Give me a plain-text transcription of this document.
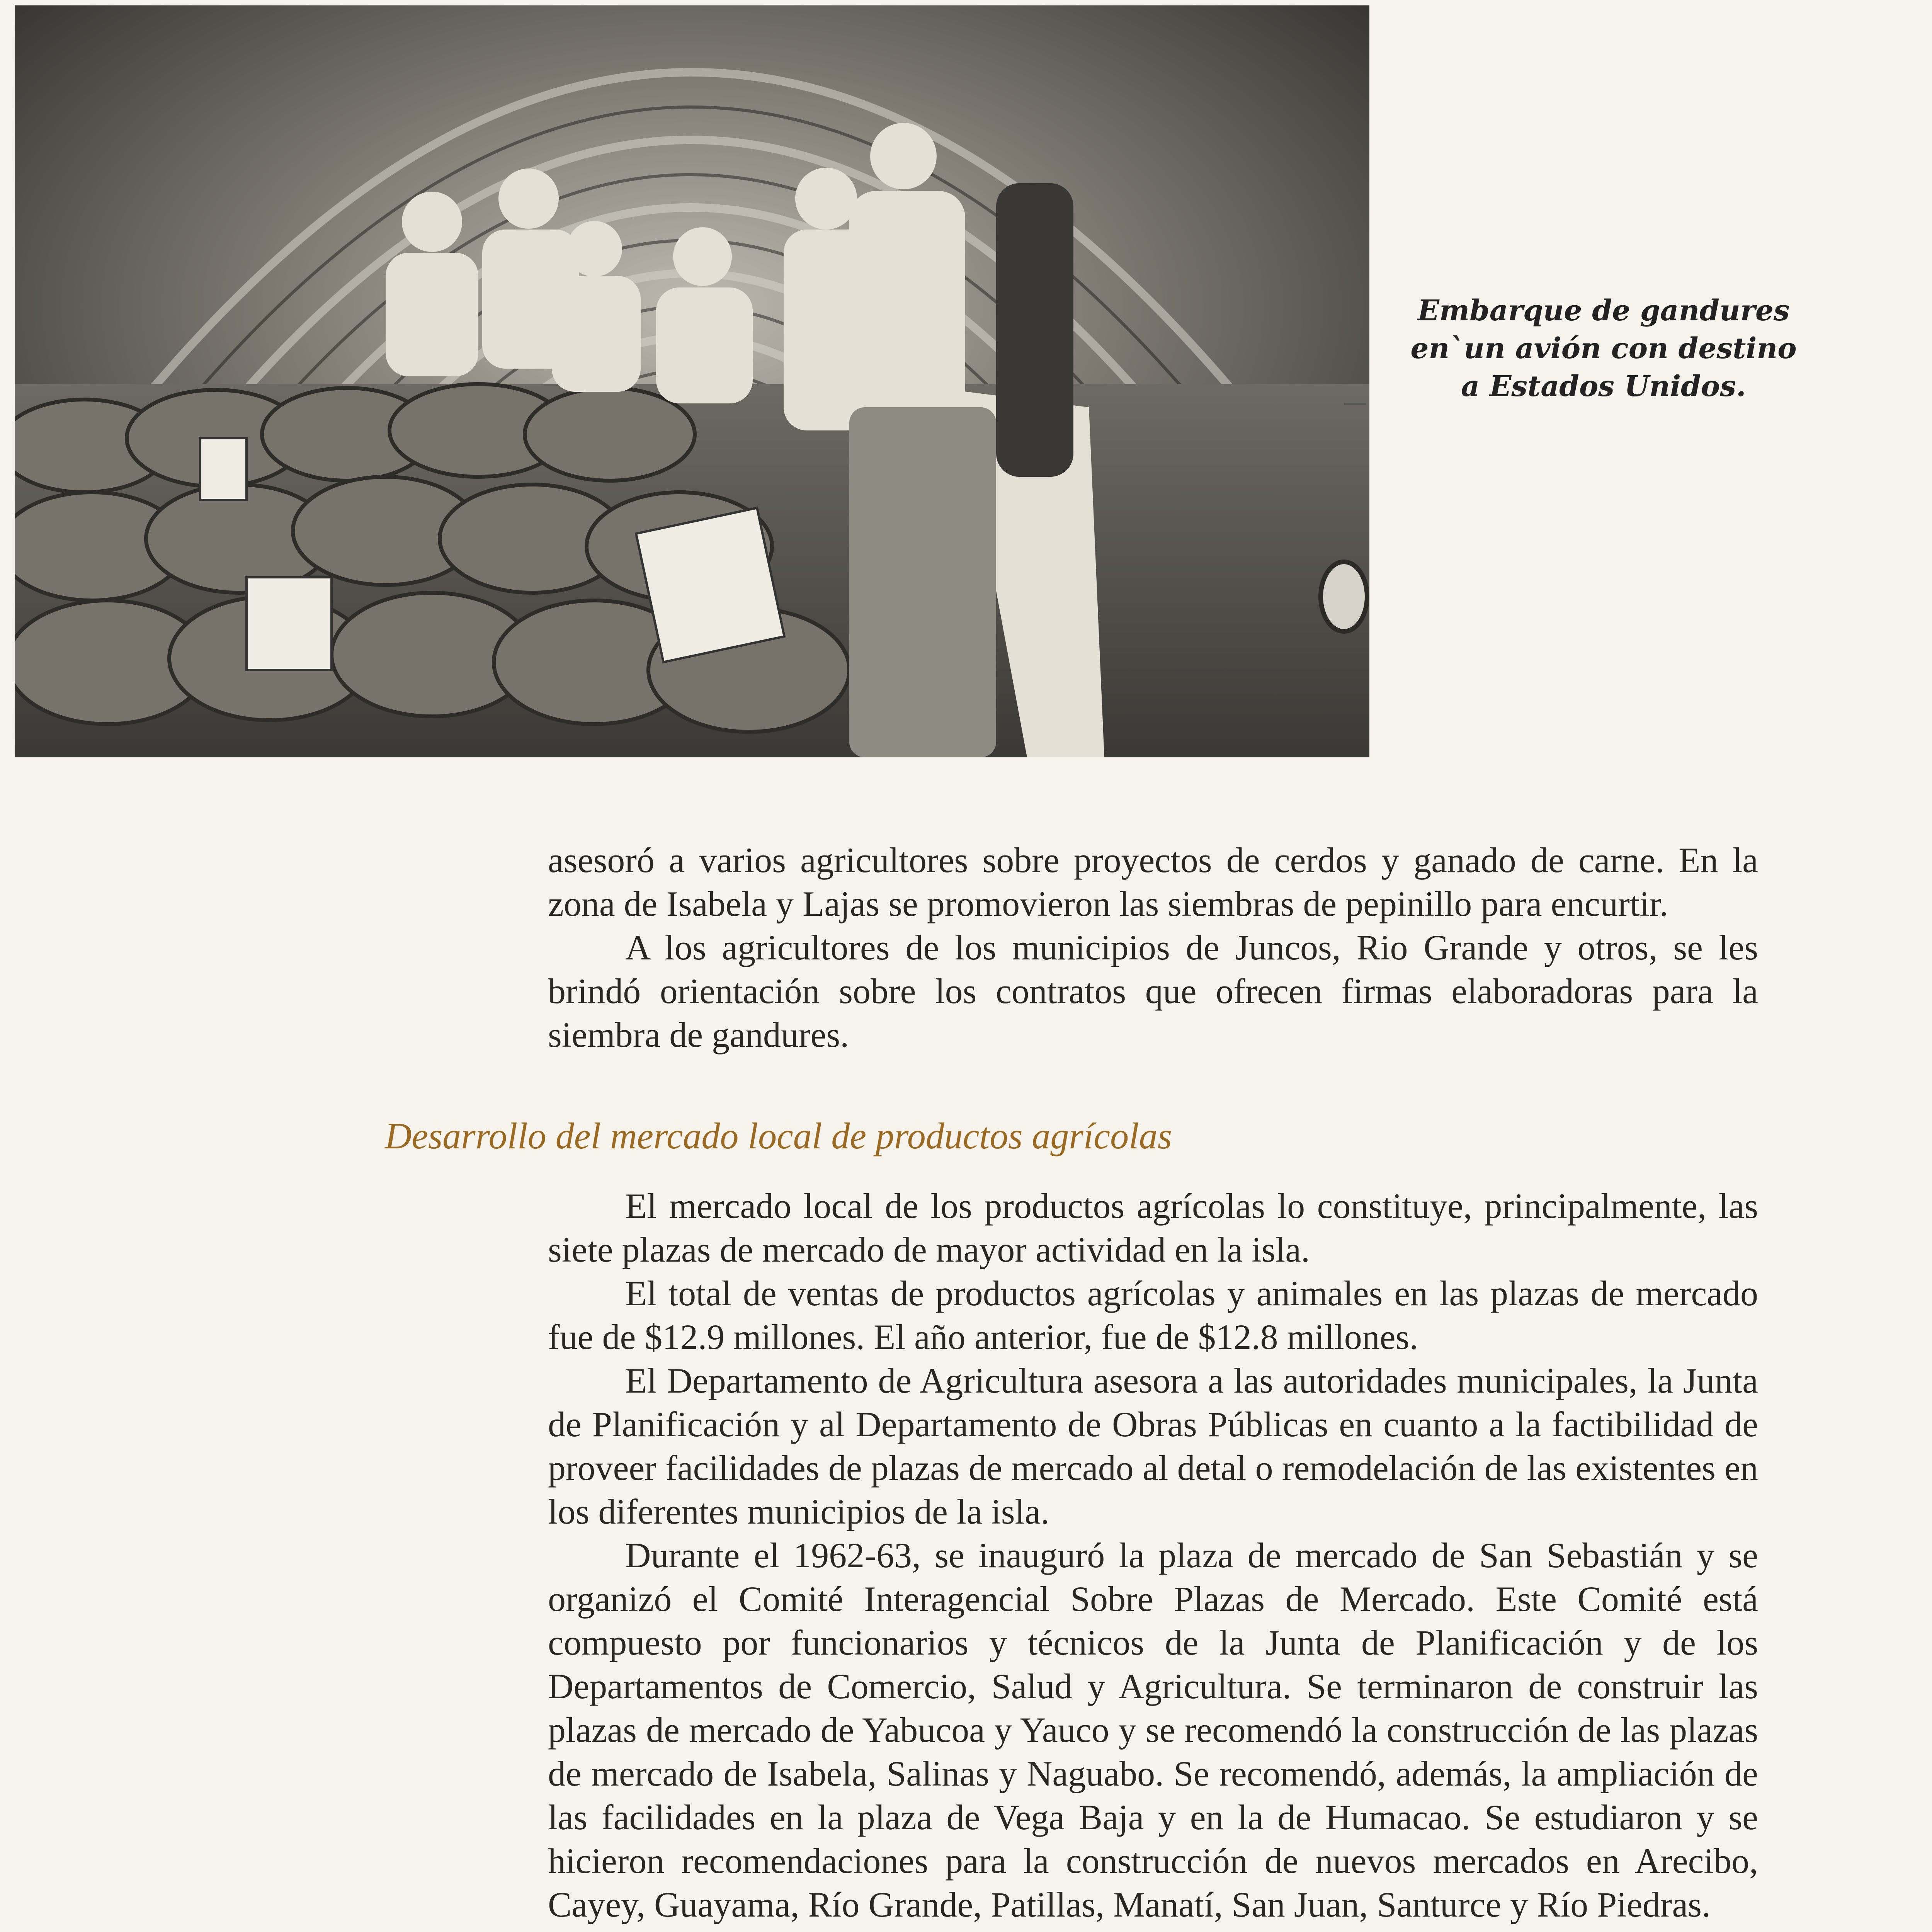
Embarque de gandures
en`un avión con destino
a Estados Unidos.

asesoró a varios agricultores sobre proyectos de cerdos y ganado de carne. En la zona de Isabela y Lajas se promovieron las siembras de pepinillo para encurtir.

A los agricultores de los municipios de Juncos, Rio Grande y otros, se les brindó orientación sobre los contratos que ofrecen firmas elaboradoras para la siembra de gandures.

Desarrollo del mercado local de productos agrícolas

El mercado local de los productos agrícolas lo constituye, principalmente, las siete plazas de mercado de mayor actividad en la isla.

El total de ventas de productos agrícolas y animales en las plazas de mercado fue de $12.9 millones. El año anterior, fue de $12.8 millones.

El Departamento de Agricultura asesora a las autoridades municipales, la Junta de Planificación y al Departamento de Obras Públicas en cuanto a la factibilidad de proveer facilidades de plazas de mercado al detal o remodelación de las existentes en los diferentes municipios de la isla.

Durante el 1962-63, se inauguró la plaza de mercado de San Sebastián y se organizó el Comité Interagencial Sobre Plazas de Mercado. Este Comité está compuesto por funcionarios y técnicos de la Junta de Planificación y de los Departamentos de Comercio, Salud y Agricultura. Se terminaron de construir las plazas de mercado de Yabucoa y Yauco y se recomendó la construcción de las plazas de mercado de Isabela, Salinas y Naguabo. Se recomendó, además, la ampliación de las facilidades en la plaza de Vega Baja y en la de Humacao. Se estudiaron y se hicieron recomendaciones para la construcción de nuevos mercados en Arecibo, Cayey, Guayama, Río Grande, Patillas, Manatí, San Juan, Santurce y Río Piedras.
